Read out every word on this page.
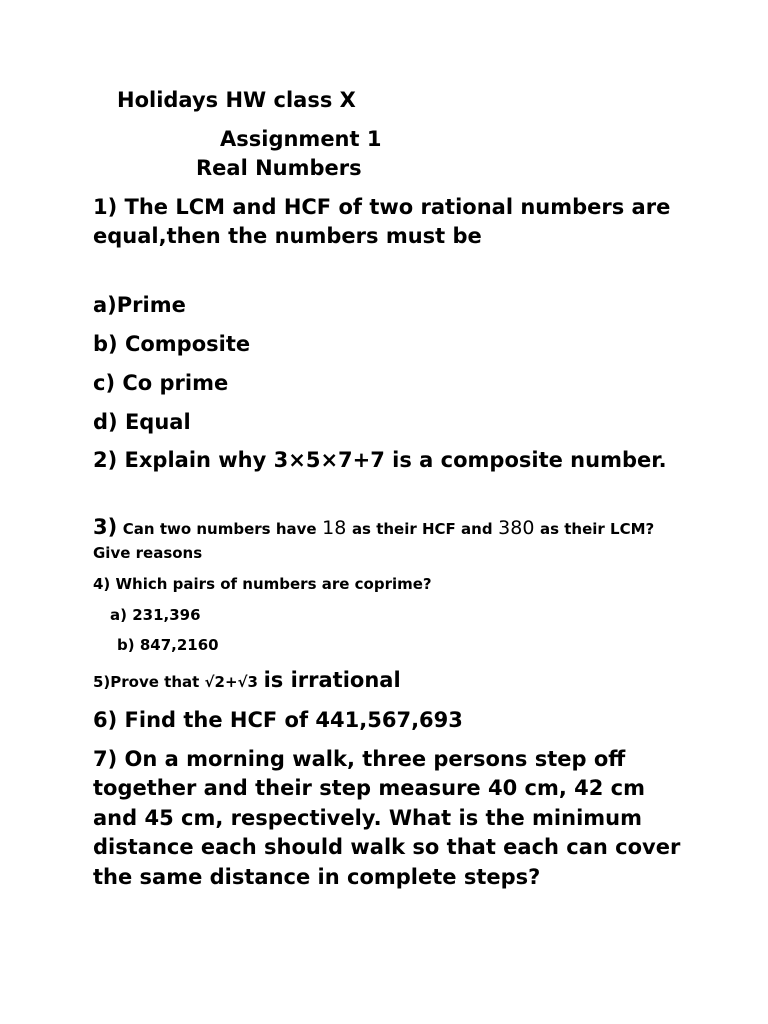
Holidays HW class X
Assignment 1
Real Numbers
1) The LCM and HCF of two rational numbers are equal,then the numbers must be
a)Prime
b) Composite
c) Co prime
d) Equal
2) Explain why 3×5×7+7 is a composite number.
3) Can two numbers have 18 as their HCF and 380 as their LCM? Give reasons
4) Which pairs of numbers are coprime?
a) 231,396
b) 847,2160
5)Prove that √2+√3 is irrational
6) Find the HCF of 441,567,693
7) On a morning walk, three persons step off together and their step measure 40 cm, 42 cm and 45 cm, respectively. What is the minimum distance each should walk so that each can cover the same distance in complete steps?
